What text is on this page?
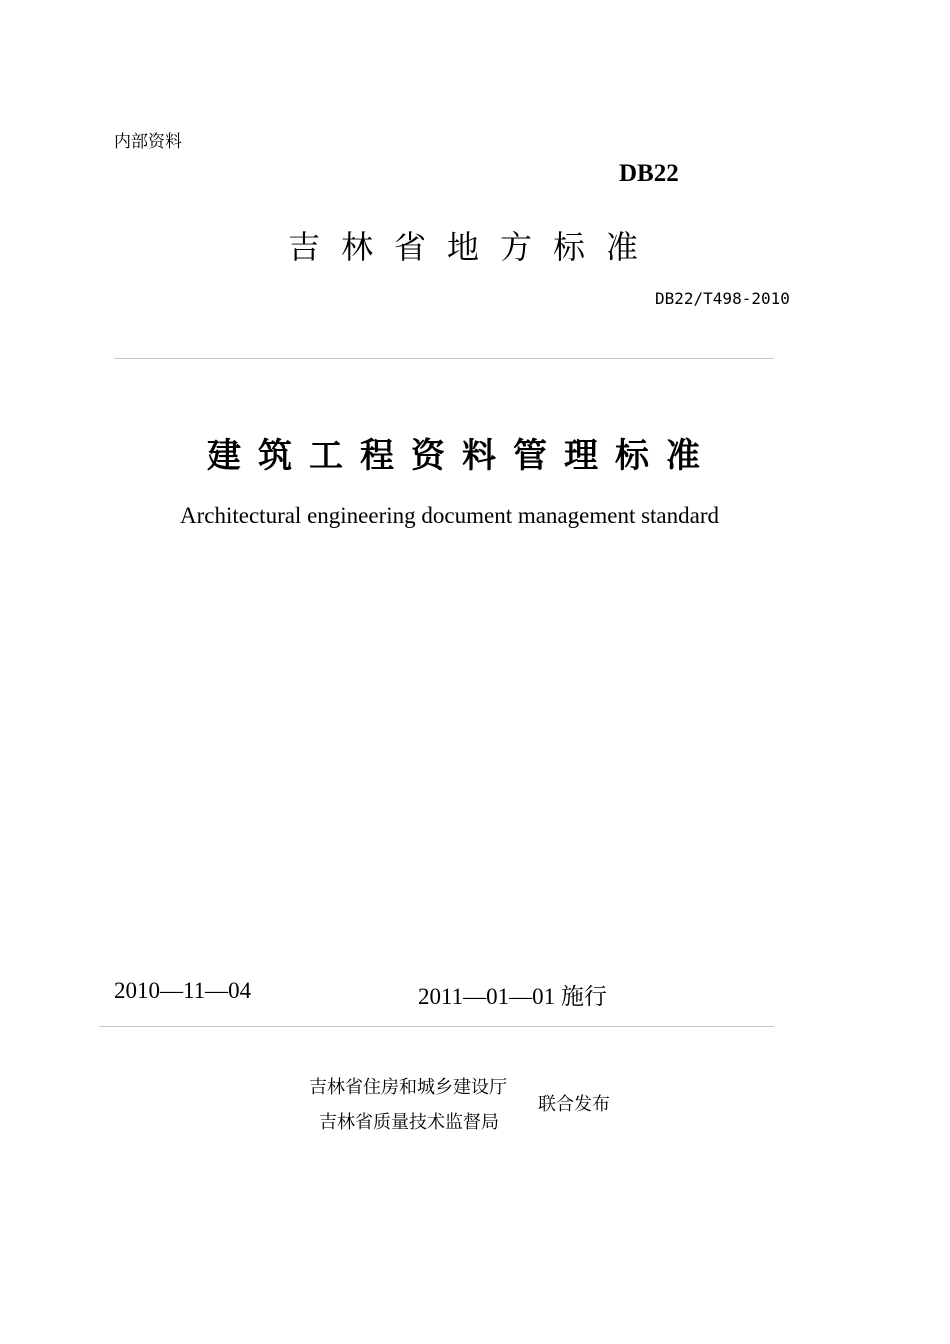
内部资料
DB22
吉林省地方标准
DB22/T498-2010
建筑工程资料管理标准
Architectural engineering document management standard
2010—11—04	2011—01—01 施行
吉林省住房和城乡建设厅
吉林省质量技术监督局
联合发布
